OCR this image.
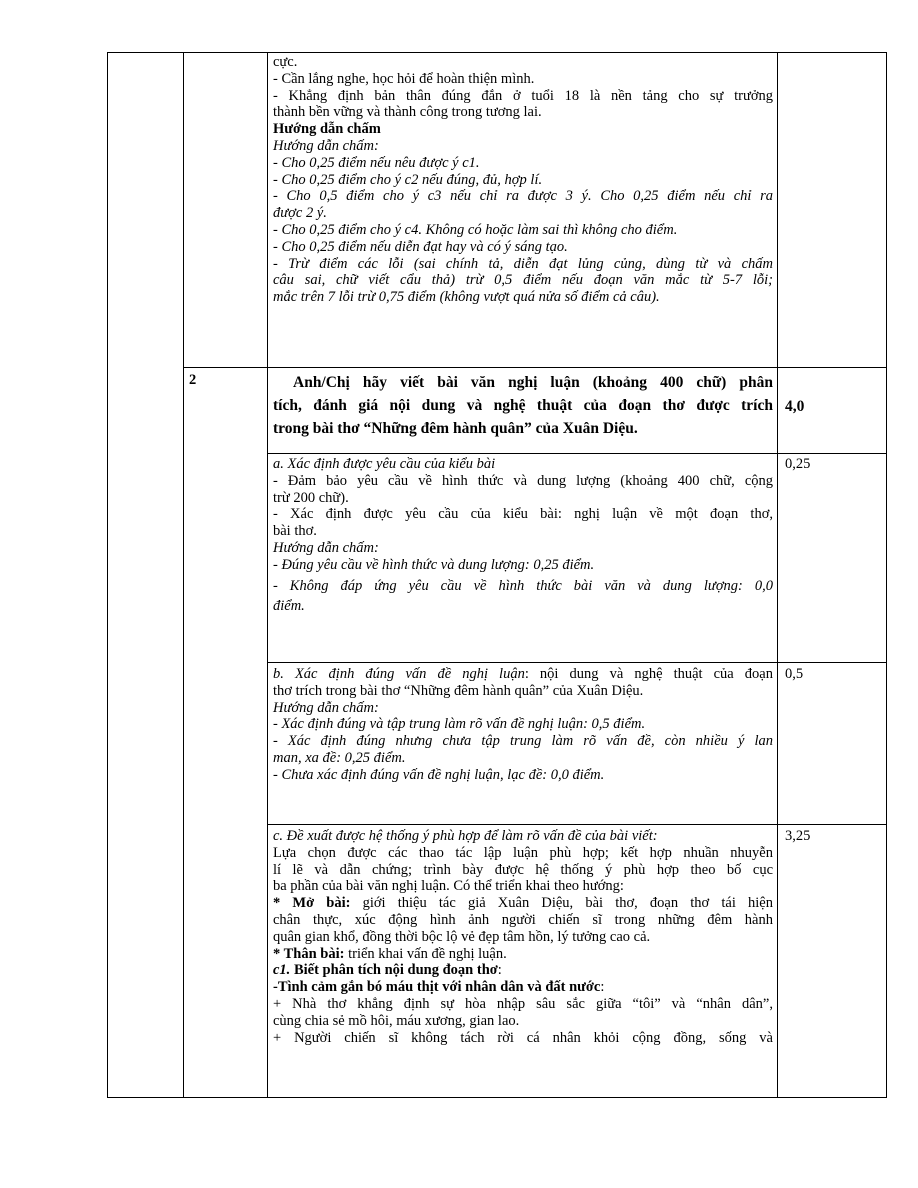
cực.

- Cần lắng nghe, học hỏi để hoàn thiện mình.

- Khẳng định bản thân đúng đắn ở tuổi 18 là nền tảng cho sự trưởng

thành bền vững và thành công trong tương lai.

Hướng dẫn chấm

Hướng dẫn chấm:

- Cho 0,25 điểm nếu nêu được ý c1.

- Cho 0,25 điểm cho ý c2 nếu đúng, đủ, hợp lí.

- Cho 0,5 điểm cho ý c3 nếu chỉ ra được 3 ý. Cho 0,25 điểm nếu chỉ ra

được 2 ý.

- Cho 0,25 điểm cho ý c4. Không có hoặc làm sai thì không cho điểm.

- Cho 0,25 điểm nếu diễn đạt hay và có ý sáng tạo.

- Trừ điểm các lỗi (sai chính tả, diễn đạt lủng củng, dùng từ và chấm

câu sai, chữ viết cẩu thả) trừ 0,5 điểm nếu đoạn văn mắc từ 5-7 lỗi;

mắc trên 7 lỗi trừ 0,75 điểm (không vượt quá nửa số điểm cả câu).

2	Anh/Chị hãy viết bài văn nghị luận (khoảng 400 chữ) phân

tích, đánh giá nội dung và nghệ thuật của đoạn thơ được trích

trong bài thơ “Những đêm hành quân” của Xuân Diệu.

4,0

a. Xác định được yêu cầu của kiểu bài

- Đảm bảo yêu cầu về hình thức và dung lượng (khoảng 400 chữ, cộng

trừ 200 chữ).

- Xác định được yêu cầu của kiểu bài: nghị luận về một đoạn thơ,

bài thơ.

Hướng dẫn chấm:

- Đúng yêu cầu về hình thức và dung lượng: 0,25 điểm.

- Không đáp ứng yêu cầu về hình thức bài văn và dung lượng: 0,0

điểm.

0,25

b. Xác định đúng vấn đề nghị luận: nội dung và nghệ thuật của đoạn

thơ trích trong bài thơ “Những đêm hành quân” của Xuân Diệu.

Hướng dẫn chấm:

- Xác định đúng và tập trung làm rõ vấn đề nghị luận: 0,5 điểm.

- Xác định đúng nhưng chưa tập trung làm rõ vấn đề, còn nhiều ý lan

man, xa đề: 0,25 điểm.

- Chưa xác định đúng vấn đề nghị luận, lạc đề: 0,0 điểm.

0,5

c. Đề xuất được hệ thống ý phù hợp để làm rõ vấn đề của bài viết:

Lựa chọn được các thao tác lập luận phù hợp; kết hợp nhuần nhuyễn

lí lẽ và dẫn chứng; trình bày được hệ thống ý phù hợp theo bố cục

ba phần của bài văn nghị luận. Có thể triển khai theo hướng:

* Mở bài: giới thiệu tác giả Xuân Diệu, bài thơ, đoạn thơ tái hiện

chân thực, xúc động hình ảnh người chiến sĩ trong những đêm hành

quân gian khổ, đồng thời bộc lộ vẻ đẹp tâm hồn, lý tưởng cao cả.

* Thân bài: triển khai vấn đề nghị luận.

c1. Biết phân tích nội dung đoạn thơ:

-Tình cảm gắn bó máu thịt với nhân dân và đất nước:

+ Nhà thơ khẳng định sự hòa nhập sâu sắc giữa “tôi” và “nhân dân”,

cùng chia sẻ mồ hôi, máu xương, gian lao.

+ Người chiến sĩ không tách rời cá nhân khỏi cộng đồng, sống và

3,25
